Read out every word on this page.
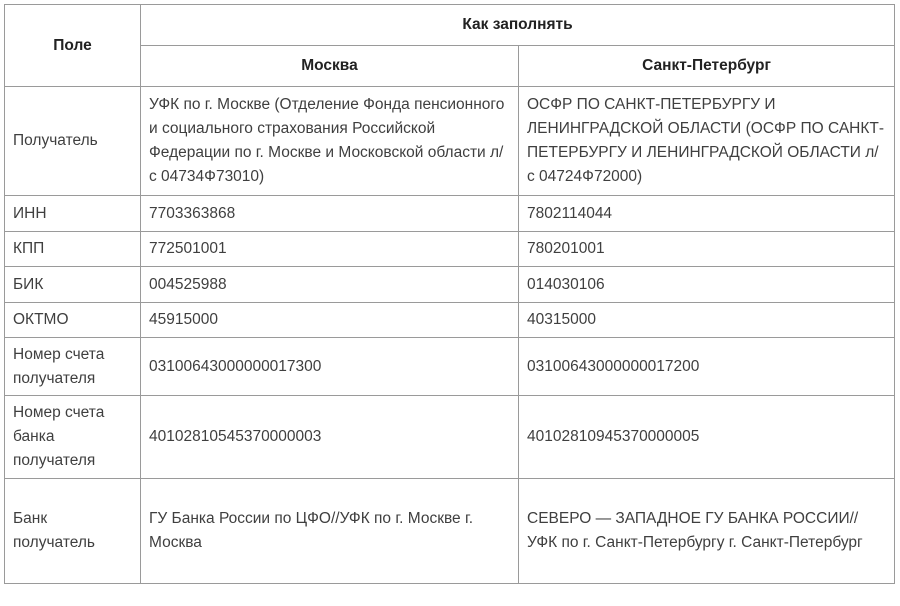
Поле	Как заполнять	
	Москва	Санкт-Петербург
Получатель	УФК по г. Москве (Отделение Фонда пенсионного и социального страхования Российской Федерации по г. Москве и Московской области л/с 04734Ф73010)	ОСФР ПО САНКТ-ПЕТЕРБУРГУ И ЛЕНИНГРАДСКОЙ ОБЛАСТИ (ОСФР ПО САНКТ-ПЕТЕРБУРГУ И ЛЕНИНГРАДСКОЙ ОБЛАСТИ л/с 04724Ф72000)
ИНН	7703363868	7802114044
КПП	772501001	780201001
БИК	004525988	014030106
ОКТМО	45915000	40315000
Номер счета получателя	03100643000000017300	03100643000000017200
Номер счета банка получателя	40102810545370000003	40102810945370000005
Банк получатель	ГУ Банка России по ЦФО//УФК по г. Москве г. Москва	СЕВЕРО — ЗАПАДНОЕ ГУ БАНКА РОССИИ//УФК по г. Санкт-Петербургу г. Санкт-Петербург
